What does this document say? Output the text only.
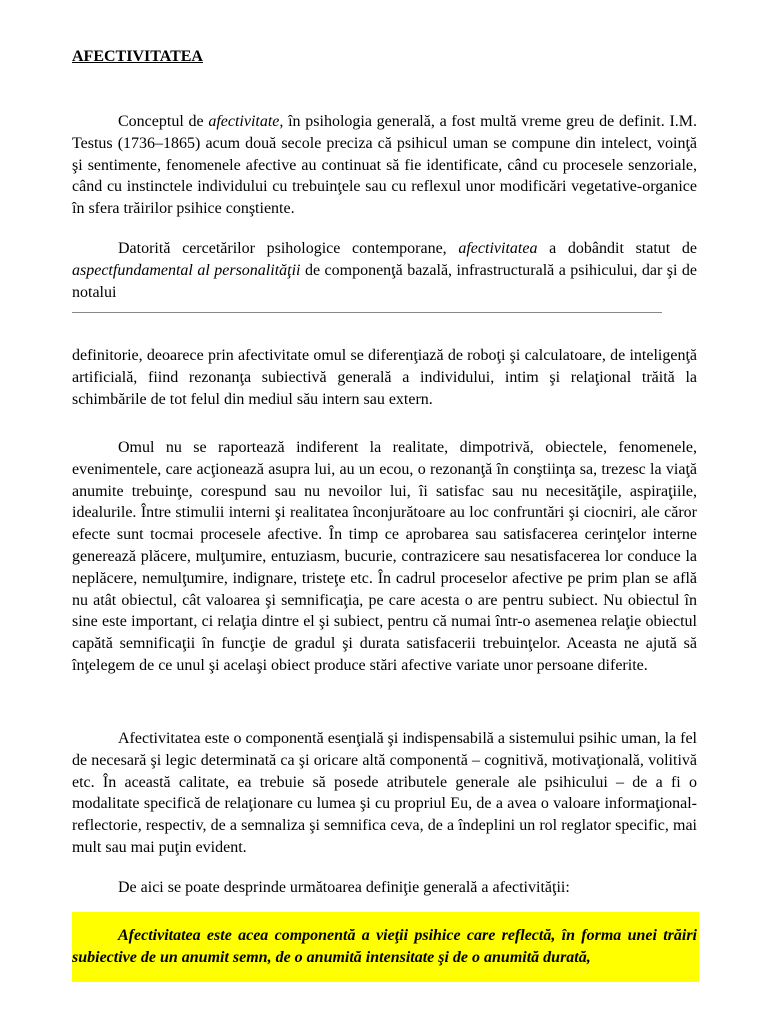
AFECTIVITATEA

Conceptul de afectivitate, în psihologia generală, a fost multă vreme greu de definit. I.M. Testus (1736–1865) acum două secole preciza că psihicul uman se compune din intelect, voinţă şi sentimente, fenomenele afective au continuat să fie identificate, când cu procesele senzoriale, când cu instinctele individului cu trebuinţele sau cu reflexul unor modificări vegetative-organice în sfera trăirilor psihice conştiente.

Datorită cercetărilor psihologice contemporane, afectivitatea a dobândit statut de aspectfundamental al personalităţii de componenţă bazală, infrastructurală a psihicului, dar şi de notalui

definitorie, deoarece prin afectivitate omul se diferenţiază de roboţi şi calculatoare, de inteligenţă artificială, fiind rezonanţa subiectivă generală a individului, intim şi relaţional trăită la schimbările de tot felul din mediul său intern sau extern.

Omul nu se raportează indiferent la realitate, dimpotrivă, obiectele, fenomenele, evenimentele, care acţionează asupra lui, au un ecou, o rezonanţă în conştiinţa sa, trezesc la viaţă anumite trebuinţe, corespund sau nu nevoilor lui, îi satisfac sau nu necesităţile, aspiraţiile, idealurile. Între stimulii interni şi realitatea înconjurătoare au loc confruntări şi ciocniri, ale căror efecte sunt tocmai procesele afective. În timp ce aprobarea sau satisfacerea cerinţelor interne generează plăcere, mulţumire, entuziasm, bucurie, contrazicere sau nesatisfacerea lor conduce la neplăcere, nemulţumire, indignare, tristeţe etc. În cadrul proceselor afective pe prim plan se află nu atât obiectul, cât valoarea şi semnificaţia, pe care acesta o are pentru subiect. Nu obiectul în sine este important, ci relaţia dintre el şi subiect, pentru că numai într-o asemenea relaţie obiectul capătă semnificaţii în funcţie de gradul şi durata satisfacerii trebuinţelor. Aceasta ne ajută să înţelegem de ce unul şi acelaşi obiect produce stări afective variate unor persoane diferite.

Afectivitatea este o componentă esenţială şi indispensabilă a sistemului psihic uman, la fel de necesară şi legic determinată ca şi oricare altă componentă – cognitivă, motivaţională, volitivă etc. În această calitate, ea trebuie să posede atributele generale ale psihicului – de a fi o modalitate specifică de relaţionare cu lumea şi cu propriul Eu, de a avea o valoare informaţional-reflectorie, respectiv, de a semnaliza şi semnifica ceva, de a îndeplini un rol reglator specific, mai mult sau mai puţin evident.

De aici se poate desprinde următoarea definiţie generală a afectivităţii:

Afectivitatea este acea componentă a vieţii psihice care reflectă, în forma unei trăiri subiective de un anumit semn, de o anumită intensitate şi de o anumită durată,
